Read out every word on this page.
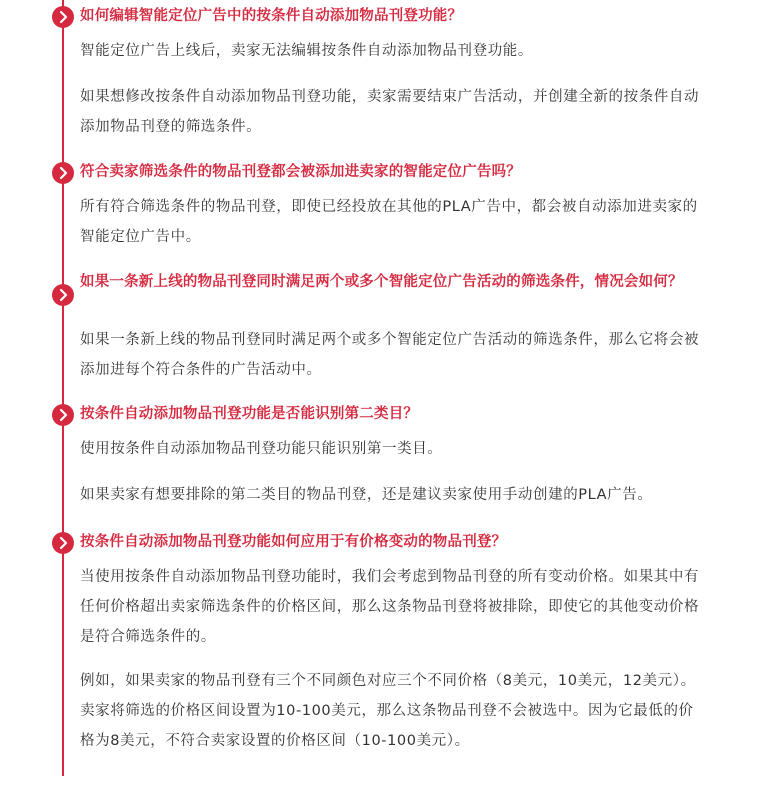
如何编辑智能定位广告中的按条件自动添加物品刊登功能？

智能定位广告上线后，卖家无法编辑按条件自动添加物品刊登功能。

如果想修改按条件自动添加物品刊登功能，卖家需要结束广告活动，并创建全新的按条件自动添加物品刊登的筛选条件。

符合卖家筛选条件的物品刊登都会被添加进卖家的智能定位广告吗？

所有符合筛选条件的物品刊登，即使已经投放在其他的PLA广告中，都会被自动添加进卖家的智能定位广告中。

如果一条新上线的物品刊登同时满足两个或多个智能定位广告活动的筛选条件，情况会如何？

如果一条新上线的物品刊登同时满足两个或多个智能定位广告活动的筛选条件，那么它将会被添加进每个符合条件的广告活动中。

按条件自动添加物品刊登功能是否能识别第二类目？

使用按条件自动添加物品刊登功能只能识别第一类目。

如果卖家有想要排除的第二类目的物品刊登，还是建议卖家使用手动创建的PLA广告。

按条件自动添加物品刊登功能如何应用于有价格变动的物品刊登？

当使用按条件自动添加物品刊登功能时，我们会考虑到物品刊登的所有变动价格。如果其中有任何价格超出卖家筛选条件的价格区间，那么这条物品刊登将被排除，即使它的其他变动价格是符合筛选条件的。

例如，如果卖家的物品刊登有三个不同颜色对应三个不同价格（8美元，10美元，12美元）。卖家将筛选的价格区间设置为10-100美元，那么这条物品刊登不会被选中。因为它最低的价格为8美元，不符合卖家设置的价格区间（10-100美元）。
